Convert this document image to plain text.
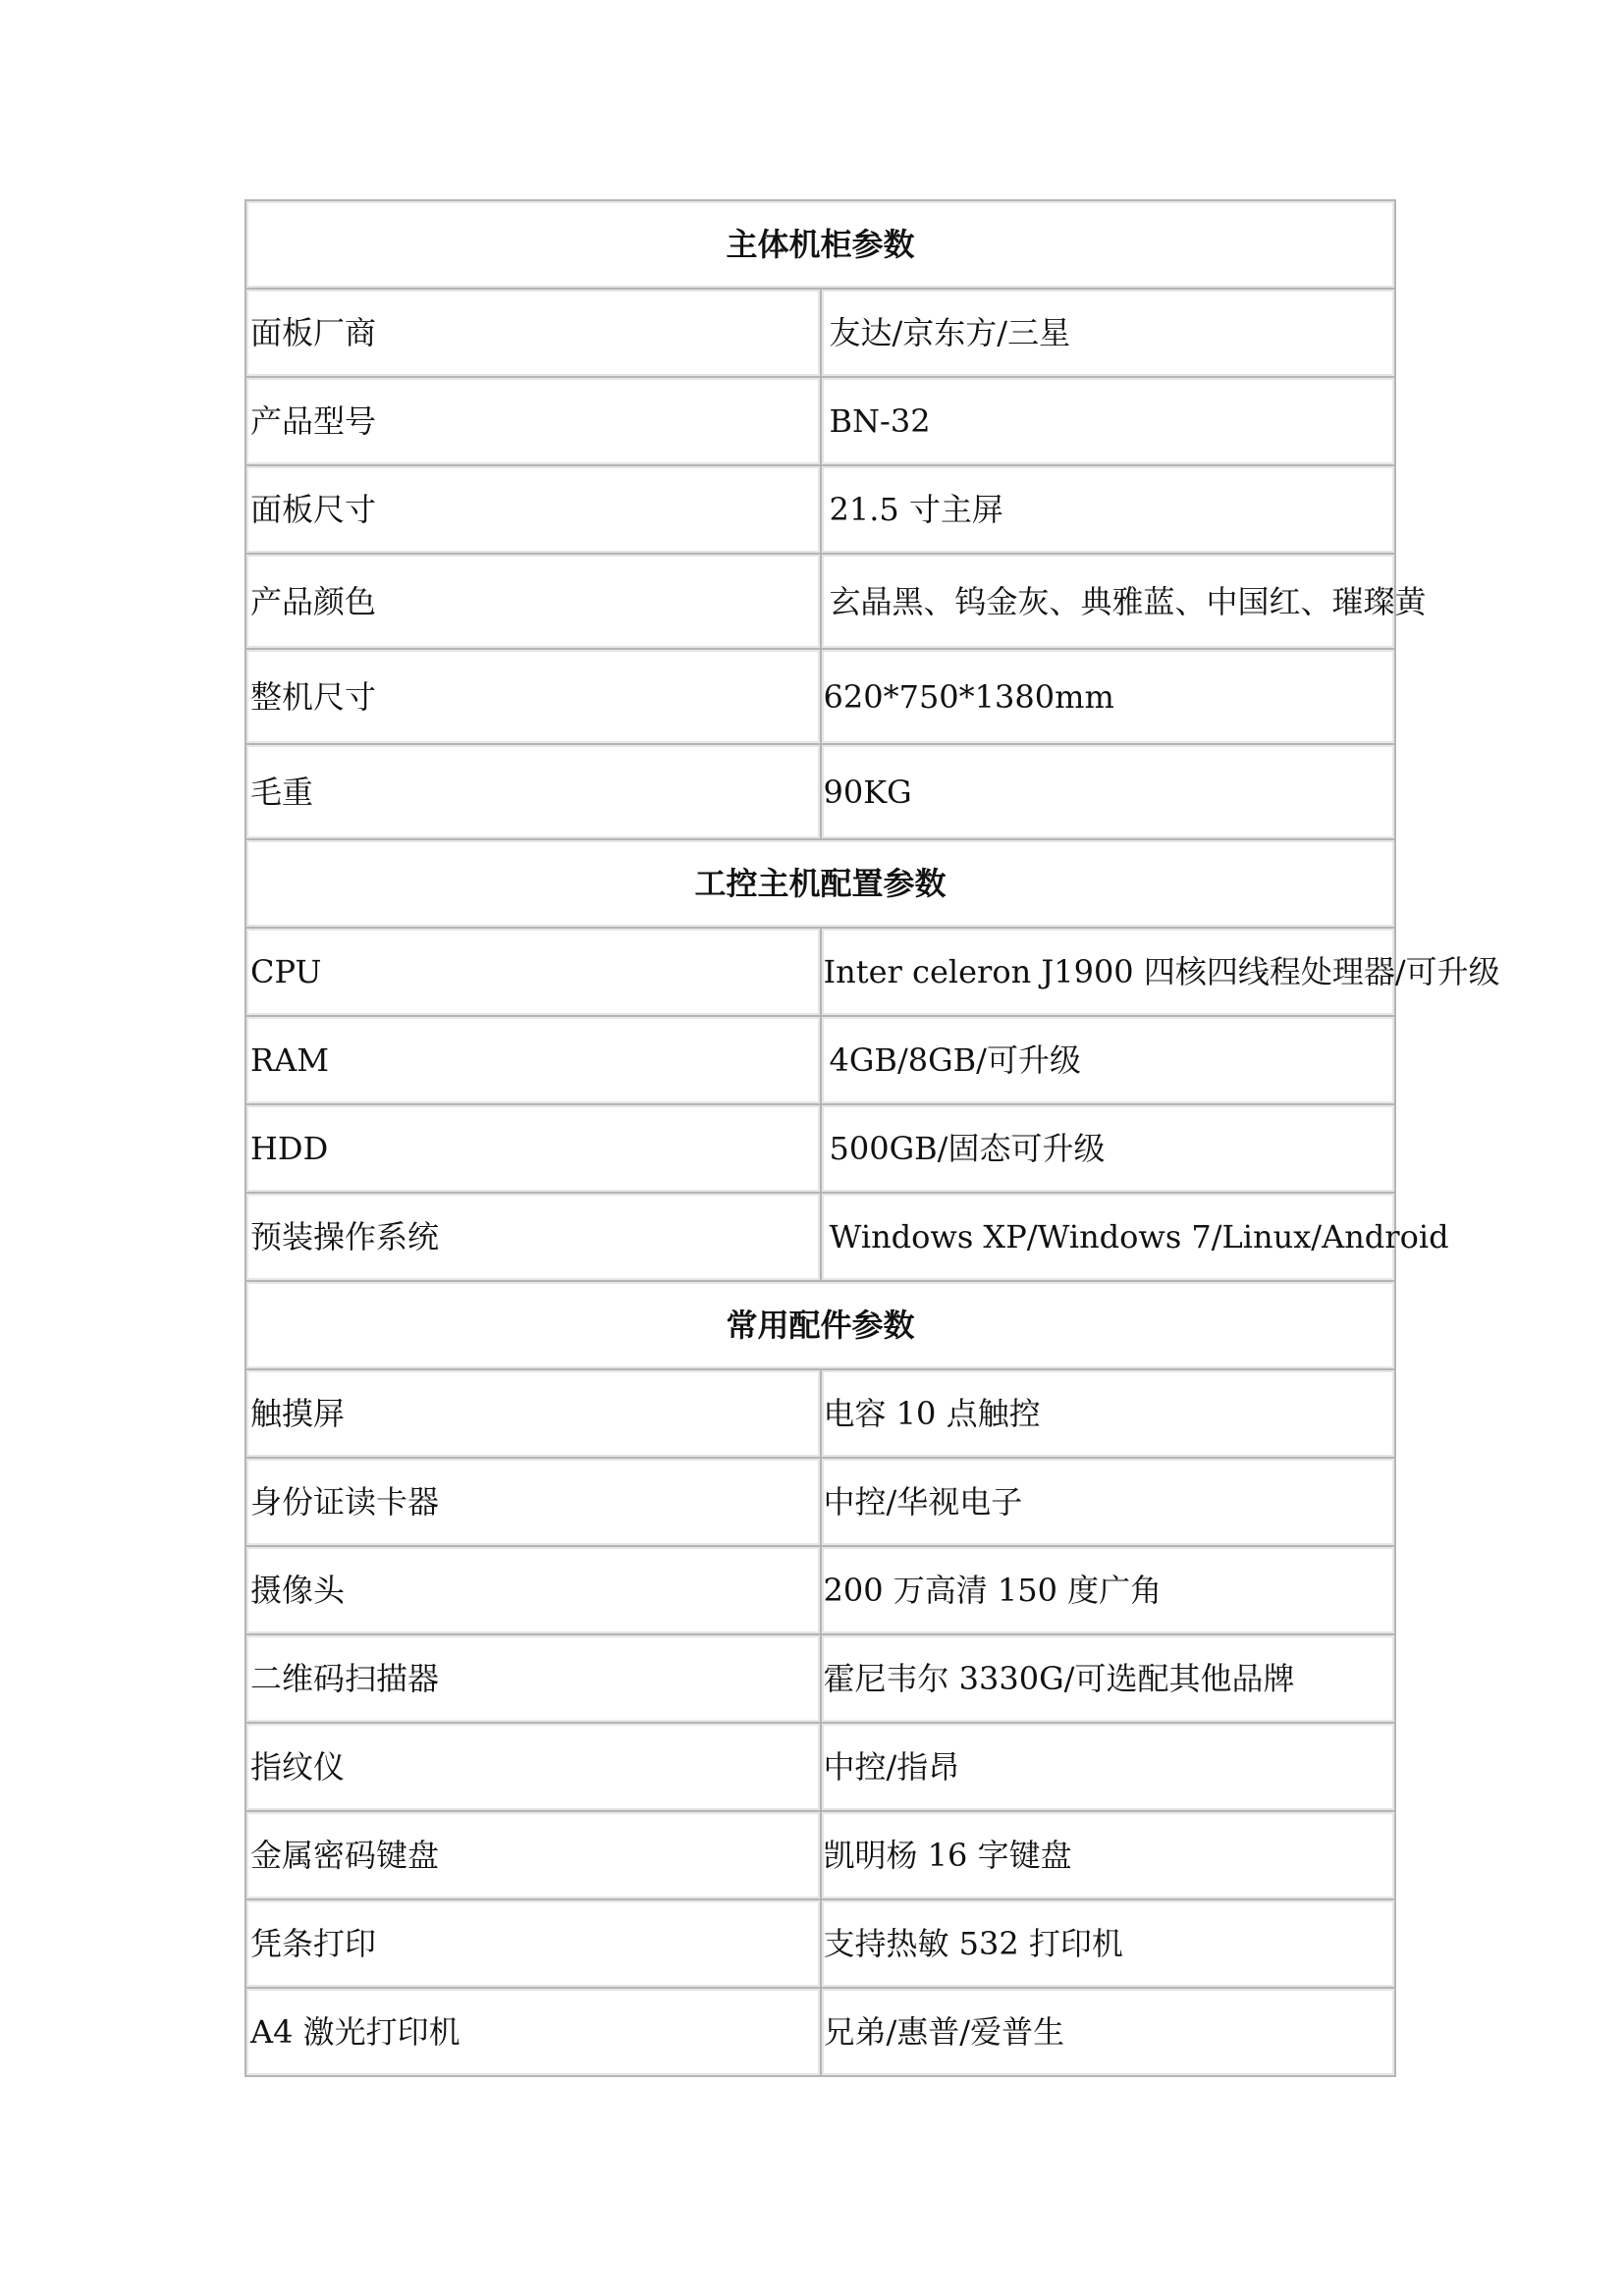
主体机柜参数	
面板厂商	友达/京东方/三星
产品型号	BN-32
面板尺寸	21.5 寸主屏
产品颜色	玄晶黑、钨金灰、典雅蓝、中国红、璀璨黄
整机尺寸	620*750*1380mm
毛重	90KG
工控主机配置参数	
CPU	Inter celeron J1900 四核四线程处理器/可升级
RAM	4GB/8GB/可升级
HDD	500GB/固态可升级
预装操作系统	Windows XP/Windows 7/Linux/Android
常用配件参数	
触摸屏	电容 10 点触控
身份证读卡器	中控/华视电子
摄像头	200 万高清 150 度广角
二维码扫描器	霍尼韦尔 3330G/可选配其他品牌
指纹仪	中控/指昂
金属密码键盘	凯明杨 16 字键盘
凭条打印	支持热敏 532 打印机
A4 激光打印机	兄弟/惠普/爱普生
